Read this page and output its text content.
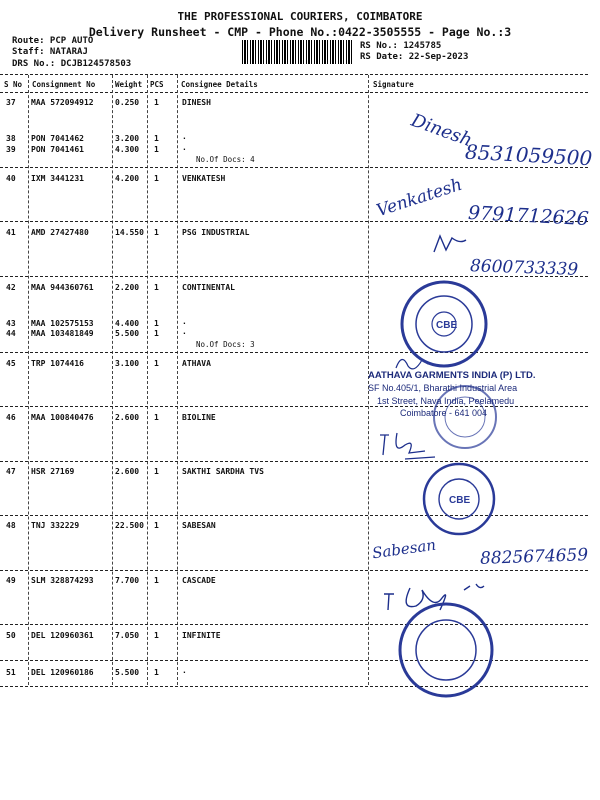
THE PROFESSIONAL COURIERS, COIMBATORE
Delivery Runsheet - CMP - Phone No.:0422-3505555 - Page No.:3
Route: PCP AUTO
Staff: NATARAJ
DRS No.: DCJB124578503
RS No.: 1245785
RS Date: 22-Sep-2023
S No Consignment No	Weight PCS Consignee Details	Signature
37 MAA 572094912	0.250 1	DINESH
38 PON 7041462	3.200 1	.
39 PON 7041461	4.300 1	.
No.Of Docs: 4
40 IXM 3441231	4.200 1	VENKATESH
41 AMD 27427480	14.550 1	PSG INDUSTRIAL
42 MAA 944360761	2.200 1	CONTINENTAL
43 MAA 102575153	4.400 1	.
44 MAA 103481849	5.500 1	.
No.Of Docs: 3
45 TRP 1074416	3.100 1	ATHAVA
46 MAA 100840476	2.600 1	BIOLINE
47 HSR 27169	2.600 1	SAKTHI SARDHA TVS
48 TNJ 332229	22.500 1	SABESAN
49 SLM 328874293	7.700 1	CASCADE
50 DEL 120960361	7.050 1	INFINITE
51 DEL 120960186	5.500 1	.
Dinesh
8531059500
Venkatesh 9791712626
8600733339
Sabesan	8825674659
CBE
CBE
AATHAVA GARMENTS INDIA (P) LTD.
SF No.405/1, Bharathi Industrial Area
1st Street, Nava India, Peelamedu
Coimbatore - 641 004
